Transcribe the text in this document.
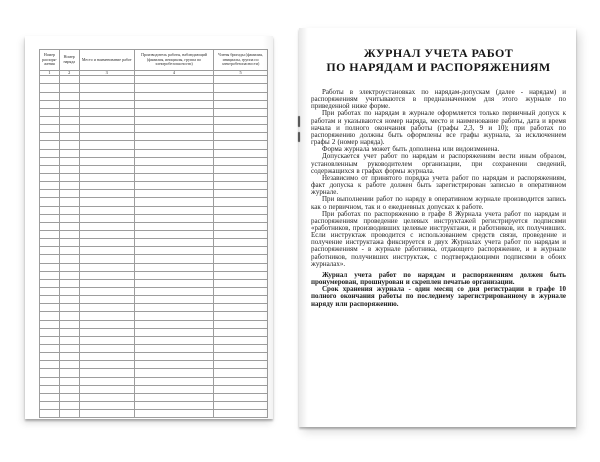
Номер распоря-жения	Номер наряда	Место и наименование работ	Производитель работы, наблюдающий (фамилия, инициалы, группа по электробезопасности)	Члены бригады (фамилия, инициалы, группа по электробезопасности)
1	2	3	4	5

ЖУРНАЛ УЧЕТА РАБОТ
ПО НАРЯДАМ И РАСПОРЯЖЕНИЯМ

Работы в электроустановках по нарядам-допускам (далее - нарядам) и распоряжениям учитываются в предназначенном для этого журнале по приведенной ниже форме.

При работах по нарядам в журнале оформляется только первичный допуск к работам и указываются номер наряда, место и наименование работы, дата и время начала и полного окончания работы (графы 2,3, 9 и 10); при работах по распоряжению должны быть оформлены все графы журнала, за исключением графы 2 (номер наряда).

Форма журнала может быть дополнена или видоизменена.

Допускается учет работ по нарядам и распоряжениям вести иным образом, установленным руководителем организации, при сохранении сведений, содержащихся в графах формы журнала.

Независимо от принятого порядка учета работ по нарядам и распоряжениям, факт допуска к работе должен быть зарегистрирован записью в оперативном журнале.

При выполнении работ по наряду в оперативном журнале производится запись как о первичном, так и о ежедневных допусках к работе.

При работах по распоряжению в графе 8 Журнала учета работ по нарядам и распоряжениям проведение целевых инструктажей регистрируется подписями «работников, производивших целевые инструктажи, и работников, их получивших. Если инструктаж проводится с использованием средств связи, проведение и получение инструктажа фиксируется в двух Журналах учета работ по нарядам и распоряжениям - в журнале работника, отдающего распоряжение, и в журнале работников, получивших инструктаж, с подтверждающими подписями в обоих журналах».

Журнал учета работ по нарядам и распоряжениям должен быть пронумерован, прошнурован и скреплен печатью организации.

Срок хранения журнала - один месяц со дня регистрации в графе 10 полного окончания работы по последнему зарегистрированному в журнале наряду или распоряжению.
